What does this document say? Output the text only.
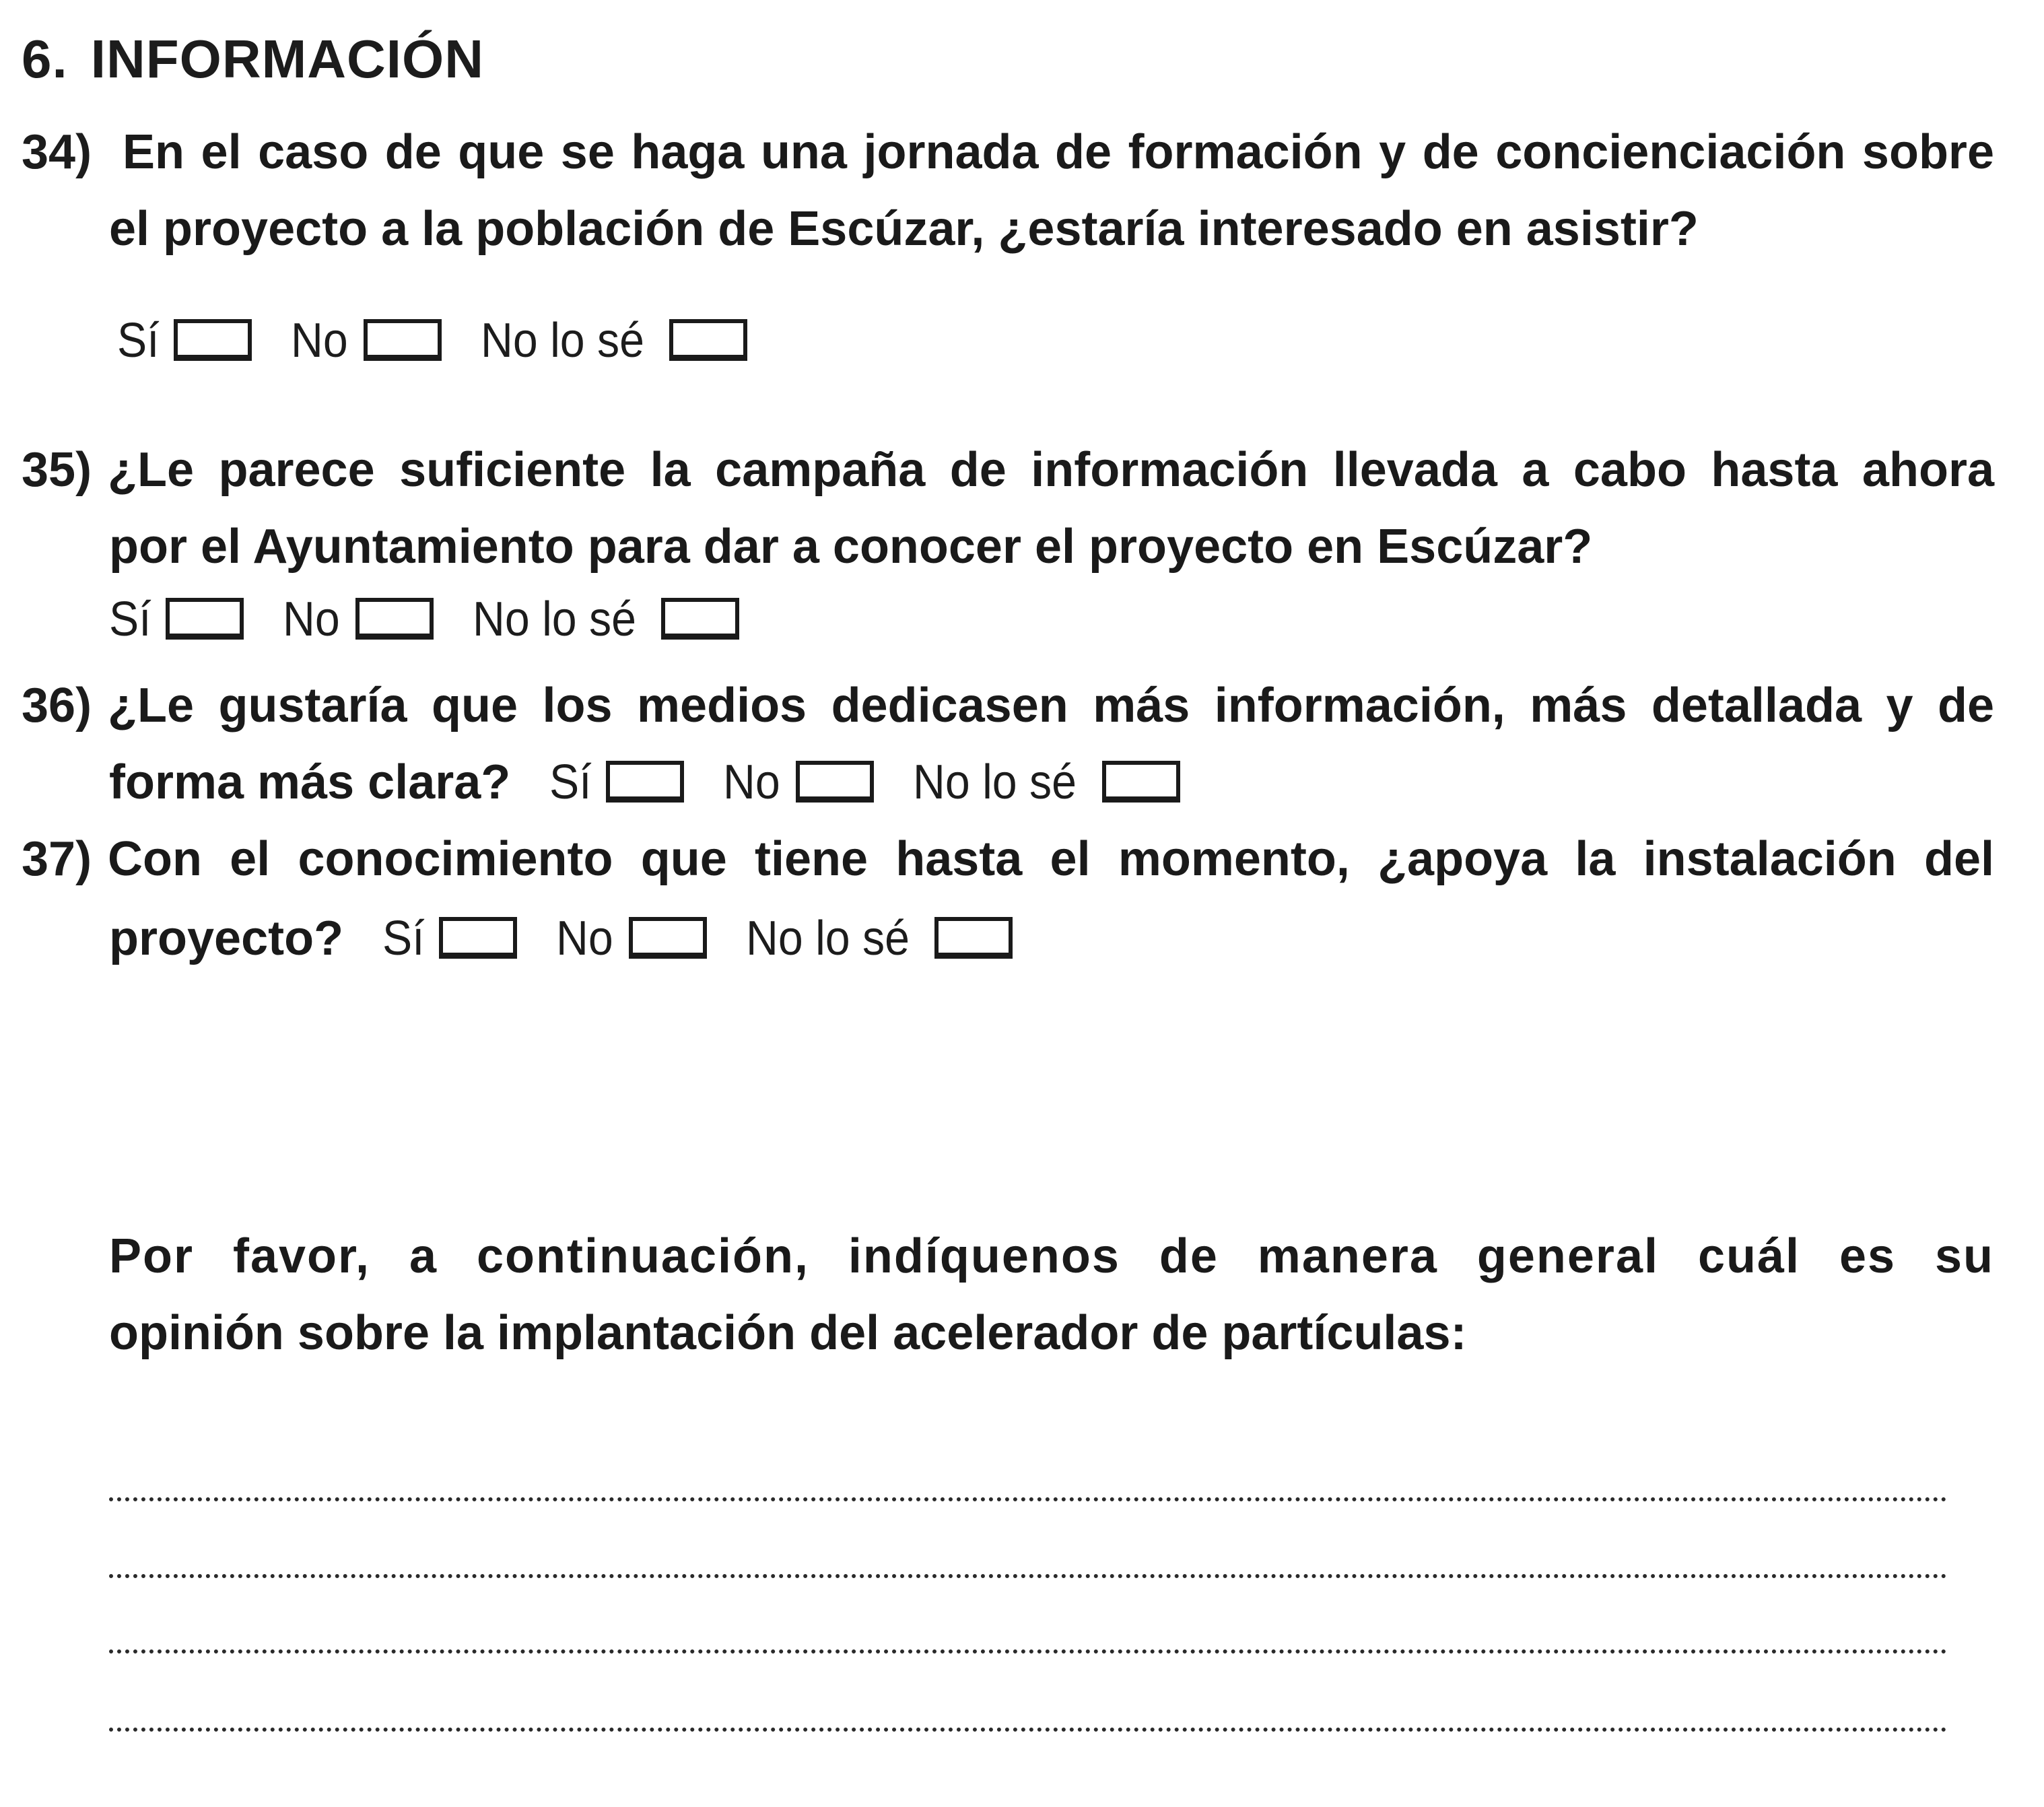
6. INFORMACIÓN
34) En el caso de que se haga una jornada de formación y de concienciación sobre
el proyecto a la población de Escúzar, ¿estaría interesado en asistir?
Sí	No	No lo sé
35) ¿Le parece suficiente la campaña de información llevada a cabo hasta ahora
por el Ayuntamiento para dar a conocer el proyecto en Escúzar?
Sí	No	No lo sé
36) ¿Le gustaría que los medios dedicasen más información, más detallada y de
forma más clara? Sí	No	No lo sé
37) Con el conocimiento que tiene hasta el momento, ¿apoya la instalación del
proyecto? Sí	No	No lo sé
Por favor, a continuación, indíquenos de manera general cuál es su
opinión sobre la implantación del acelerador de partículas:
